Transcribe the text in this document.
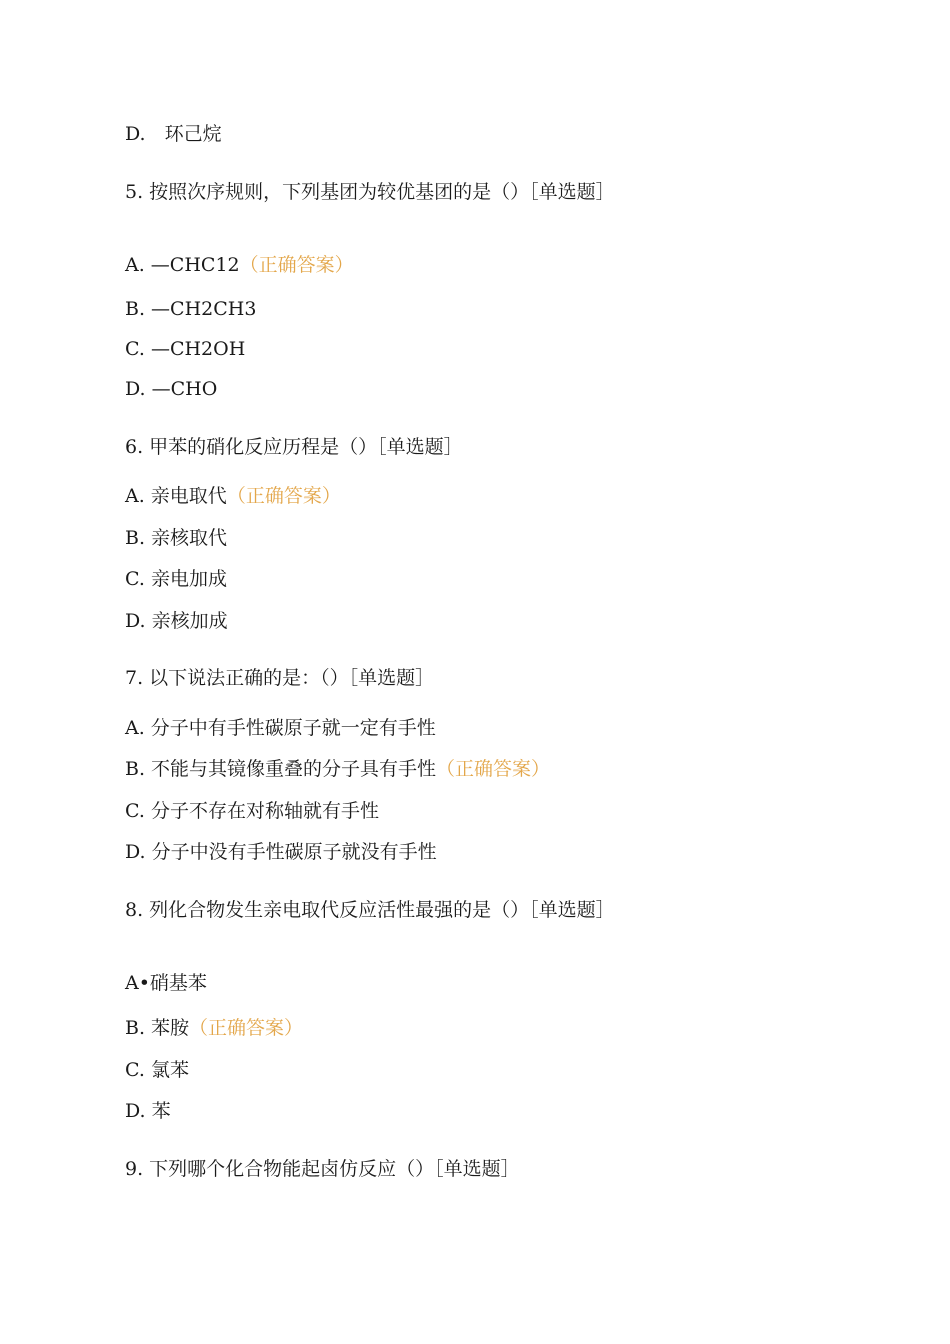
D.　环己烷
5. 按照次序规则，下列基团为较优基团的是（）［单选题］
A. —CHC12（正确答案）
B. —CH2CH3
C. —CH2OH
D. —CHO
6. 甲苯的硝化反应历程是（）［单选题］
A. 亲电取代（正确答案）
B. 亲核取代
C. 亲电加成
D. 亲核加成
7. 以下说法正确的是：（）［单选题］
A. 分子中有手性碳原子就一定有手性
B. 不能与其镜像重叠的分子具有手性（正确答案）
C. 分子不存在对称轴就有手性
D. 分子中没有手性碳原子就没有手性
8. 列化合物发生亲电取代反应活性最强的是（）［单选题］
A•硝基苯
B. 苯胺（正确答案）
C. 氯苯
D. 苯
9. 下列哪个化合物能起卤仿反应（）［单选题］
